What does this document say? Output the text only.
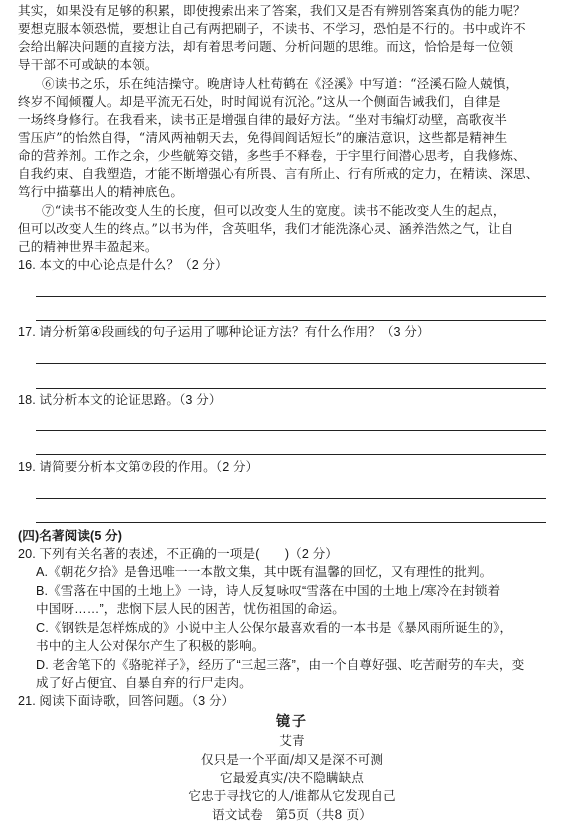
其实，如果没有足够的积累，即使搜索出来了答案，我们又是否有辨别答案真伪的能力呢？
要想克服本领恐慌，要想让自己有两把刷子，不读书、不学习，恐怕是不行的。书中或许不
会给出解决问题的直接方法，却有着思考问题、分析问题的思维。而这，恰恰是每一位领
导干部不可或缺的本领。
⑥读书之乐，乐在纯洁操守。晚唐诗人杜荀鹤在《泾溪》中写道：“泾溪石险人兢慎，
终岁不闻倾覆人。却是平流无石处，时时闻说有沉沦。”这从一个侧面告诫我们，自律是
一场终身修行。在我看来，读书正是增强自律的最好方法。“坐对韦编灯动壁，高歌夜半
雪压庐”的怡然自得，“清风两袖朝天去，免得闾阎话短长”的廉洁意识，这些都是精神生
命的营养剂。工作之余，少些觥筹交错，多些手不释卷，于宇里行间潜心思考，自我修炼、
自我约束、自我塑造，才能不断增强心有所畏、言有所止、行有所戒的定力，在精读、深思、
笃行中描摹出人的精神底色。
⑦“读书不能改变人生的长度，但可以改变人生的宽度。读书不能改变人生的起点，
但可以改变人生的终点。”以书为伴，含英咀华，我们才能洗涤心灵、涵养浩然之气，让自
己的精神世界丰盈起来。
16. 本文的中心论点是什么？（2 分）
17. 请分析第④段画线的句子运用了哪种论证方法？有什么作用？（3 分）
18. 试分析本文的论证思路。（3 分）
19. 请简要分析本文第⑦段的作用。（2 分）
(四)名著阅读(5 分)
20. 下列有关名著的表述，不正确的一项是(　　)（2 分）
A.《朝花夕拾》是鲁迅唯一一本散文集，其中既有温馨的回忆，又有理性的批判。
B.《雪落在中国的土地上》一诗，诗人反复咏叹“雪落在中国的土地上/寒冷在封锁着
中国呀……”，悲悯下层人民的困苦，忧伤祖国的命运。
C.《钢铁是怎样炼成的》小说中主人公保尔最喜欢看的一本书是《暴风雨所诞生的》，
书中的主人公对保尔产生了积极的影响。
D. 老舍笔下的《骆驼祥子》，经历了“三起三落”，由一个自尊好强、吃苦耐劳的车夫，变
成了好占便宜、自暴自弃的行尸走肉。
21. 阅读下面诗歌，回答问题。（3 分）
镜子
艾青
仅只是一个平面/却又是深不可测
它最爱真实/决不隐瞒缺点
它忠于寻找它的人/谁都从它发现自己
语文试卷　第5页（共8 页）
